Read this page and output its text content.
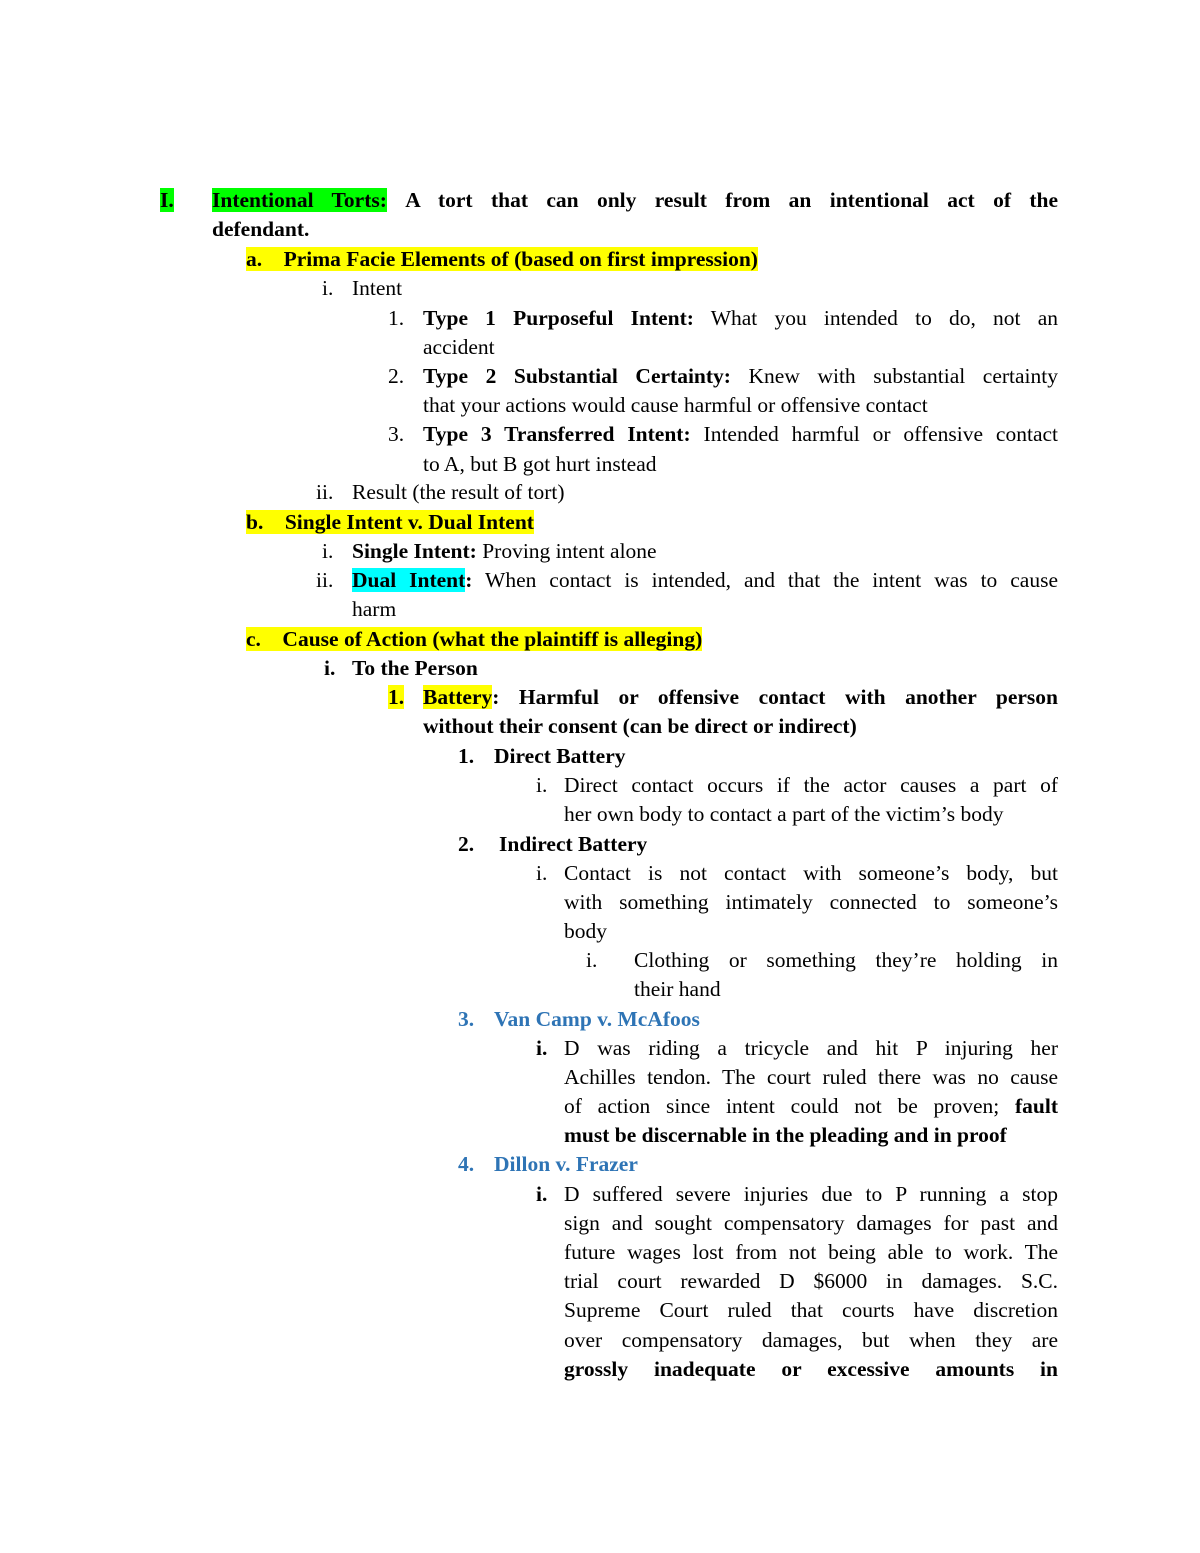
I.	Intentional Torts: A tort that can only result from an intentional act of the
defendant.
a. Prima Facie Elements of (based on first impression)
i. Intent
1. Type 1 Purposeful Intent: What you intended to do, not an
accident
2. Type 2 Substantial Certainty: Knew with substantial certainty
that your actions would cause harmful or offensive contact
3. Type 3 Transferred Intent: Intended harmful or offensive contact
to A, but B got hurt instead
ii. Result (the result of tort)
b. Single Intent v. Dual Intent
i. Single Intent: Proving intent alone
ii. Dual Intent: When contact is intended, and that the intent was to cause
harm
c. Cause of Action (what the plaintiff is alleging)
i. To the Person
1. Battery: Harmful or offensive contact with another person
without their consent (can be direct or indirect)
1. Direct Battery
i. Direct contact occurs if the actor causes a part of
her own body to contact a part of the victim’s body
2.	Indirect Battery
i. Contact is not contact with someone’s body, but
with something intimately connected to someone’s
body
i.	Clothing or something they’re holding in
their hand
3. Van Camp v. McAfoos
i. D was riding a tricycle and hit P injuring her
Achilles tendon. The court ruled there was no cause
of action since intent could not be proven; fault
must be discernable in the pleading and in proof
4. Dillon v. Frazer
i. D suffered severe injuries due to P running a stop
sign and sought compensatory damages for past and
future wages lost from not being able to work. The
trial court rewarded D $6000 in damages. S.C.
Supreme Court ruled that courts have discretion
over compensatory damages, but when they are
grossly inadequate or excessive amounts in
